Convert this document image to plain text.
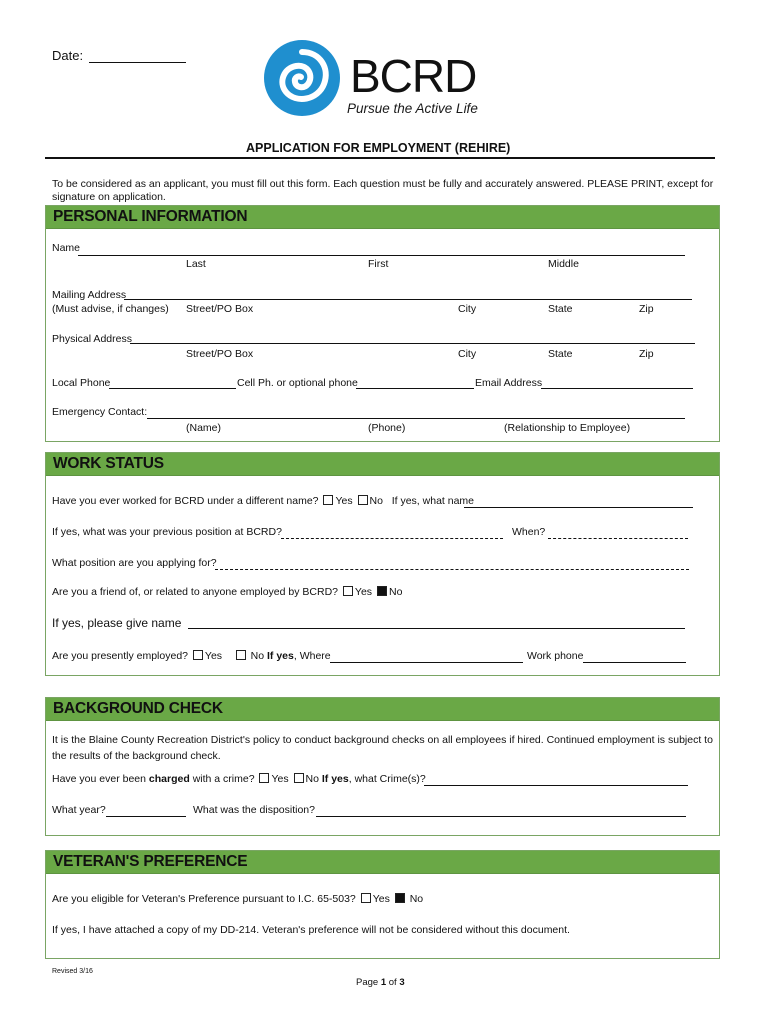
Date:	BCRD
Pursue the Active Life
APPLICATION FOR EMPLOYMENT (REHIRE)
To be considered as an applicant, you must fill out this form. Each question must be fully and accurately answered. PLEASE PRINT, except for
signature on application.
PERSONAL INFORMATION
Name
Last	First	Middle
Mailing Address
(Must advise, if changes) Street/PO Box	City	State	Zip
Physical Address
Street/PO Box	City	State	Zip
Local Phone	Cell Ph. or optional phone	Email Address
Emergency Contact:
(Name)	(Phone)	(Relationship to Employee)
WORK STATUS
Have you ever worked for BCRD under a different name? Yes No If yes, what name
If yes, what was your previous position at BCRD?	When?
What position are you applying for?
Are you a friend of, or related to anyone employed by BCRD? Yes No
If yes, please give name
Are you presently employed? Yes	No If yes, Where	Work phone
BACKGROUND CHECK
It is the Blaine County Recreation District's policy to conduct background checks on all employees if hired. Continued employment is subject to
the results of the background check.
Have you ever been charged with a crime? Yes No If yes, what Crime(s)?
What year?	What was the disposition?
VETERAN'S PREFERENCE
Are you eligible for Veteran's Preference pursuant to I.C. 65-503? Yes No
If yes, I have attached a copy of my DD-214. Veteran's preference will not be considered without this document.
Revised 3/16
Page 1 of 3
